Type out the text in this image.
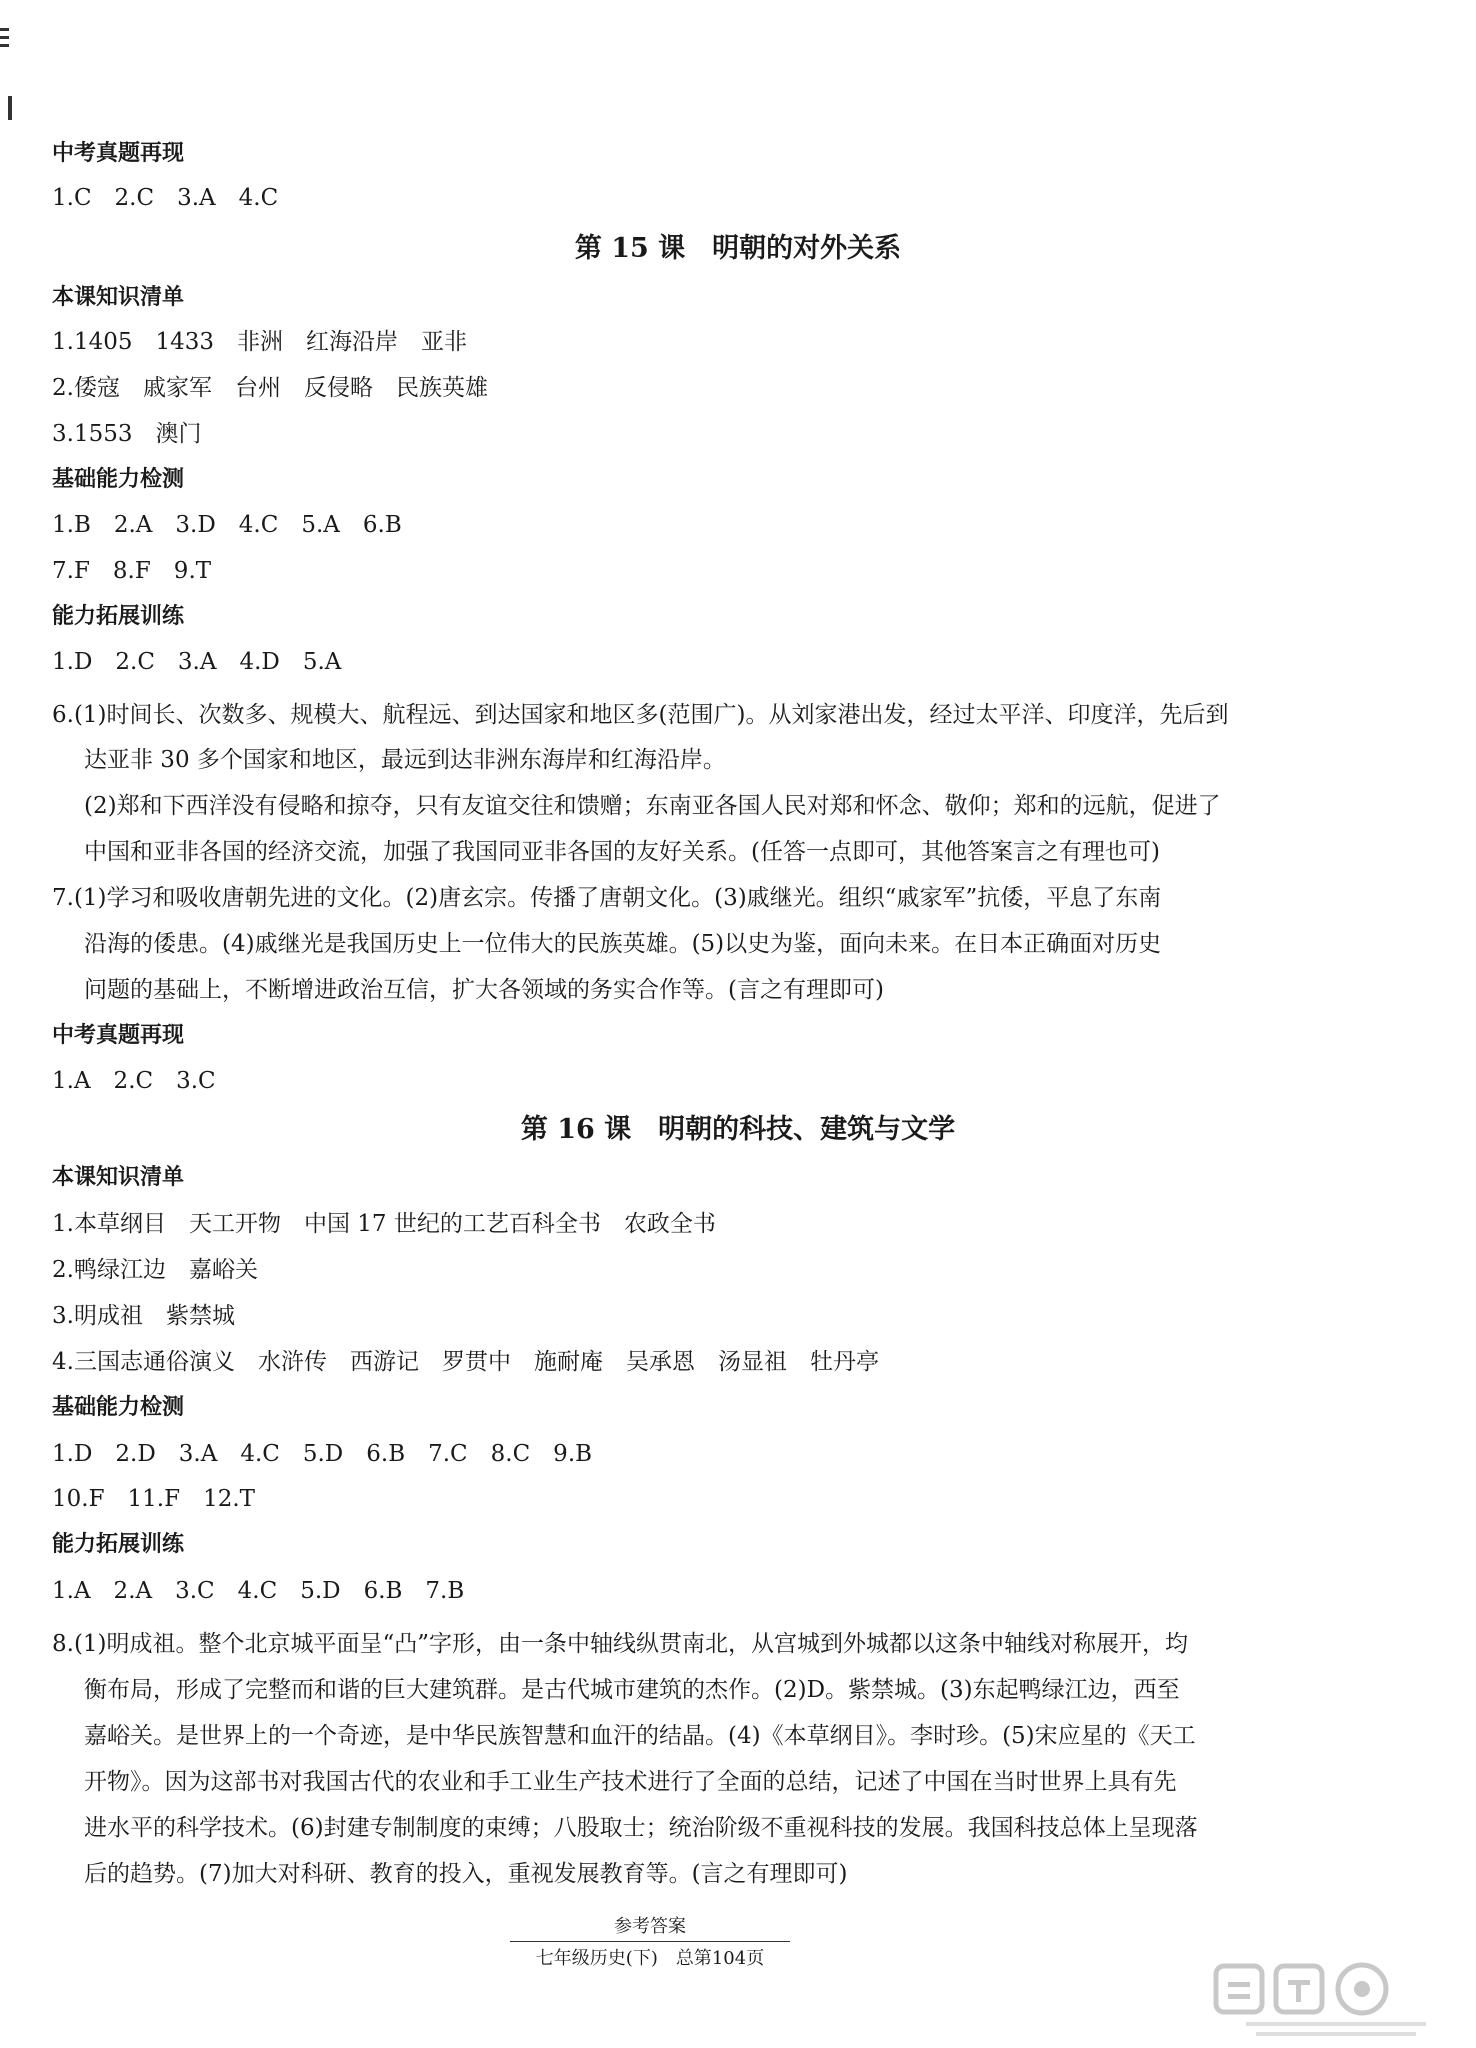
中考真题再现
1.C　2.C　3.A　4.C
第 15 课　明朝的对外关系
本课知识清单
1.1405　1433　非洲　红海沿岸　亚非
2.倭寇　戚家军　台州　反侵略　民族英雄
3.1553　澳门
基础能力检测
1.B　2.A　3.D　4.C　5.A　6.B
7.F　8.F　9.T
能力拓展训练
1.D　2.C　3.A　4.D　5.A
6.(1)时间长、次数多、规模大、航程远、到达国家和地区多(范围广)。从刘家港出发，经过太平洋、印度洋，先后到
达亚非 30 多个国家和地区，最远到达非洲东海岸和红海沿岸。
(2)郑和下西洋没有侵略和掠夺，只有友谊交往和馈赠；东南亚各国人民对郑和怀念、敬仰；郑和的远航，促进了
中国和亚非各国的经济交流，加强了我国同亚非各国的友好关系。(任答一点即可，其他答案言之有理也可)
7.(1)学习和吸收唐朝先进的文化。(2)唐玄宗。传播了唐朝文化。(3)戚继光。组织“戚家军”抗倭，平息了东南
沿海的倭患。(4)戚继光是我国历史上一位伟大的民族英雄。(5)以史为鉴，面向未来。在日本正确面对历史
问题的基础上，不断增进政治互信，扩大各领域的务实合作等。(言之有理即可)
中考真题再现
1.A　2.C　3.C
第 16 课　明朝的科技、建筑与文学
本课知识清单
1.本草纲目　天工开物　中国 17 世纪的工艺百科全书　农政全书
2.鸭绿江边　嘉峪关
3.明成祖　紫禁城
4.三国志通俗演义　水浒传　西游记　罗贯中　施耐庵　吴承恩　汤显祖　牡丹亭
基础能力检测
1.D　2.D　3.A　4.C　5.D　6.B　7.C　8.C　9.B
10.F　11.F　12.T
能力拓展训练
1.A　2.A　3.C　4.C　5.D　6.B　7.B
8.(1)明成祖。整个北京城平面呈“凸”字形，由一条中轴线纵贯南北，从宫城到外城都以这条中轴线对称展开，均
衡布局，形成了完整而和谐的巨大建筑群。是古代城市建筑的杰作。(2)D。紫禁城。(3)东起鸭绿江边，西至
嘉峪关。是世界上的一个奇迹，是中华民族智慧和血汗的结晶。(4)《本草纲目》。李时珍。(5)宋应星的《天工
开物》。因为这部书对我国古代的农业和手工业生产技术进行了全面的总结，记述了中国在当时世界上具有先
进水平的科学技术。(6)封建专制制度的束缚；八股取士；统治阶级不重视科技的发展。我国科技总体上呈现落
后的趋势。(7)加大对科研、教育的投入，重视发展教育等。(言之有理即可)
参考答案
七年级历史(下)　总第104页
